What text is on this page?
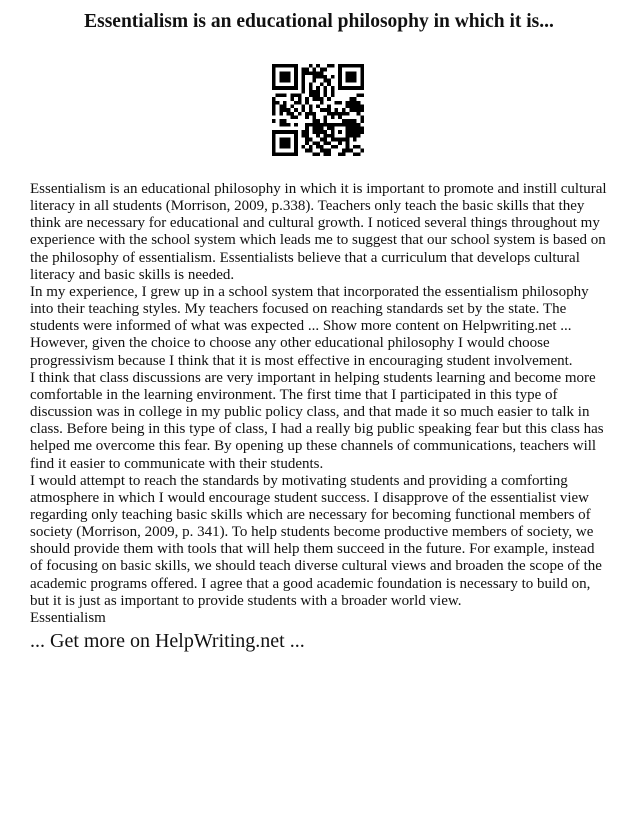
Essentialism is an educational philosophy in which it is...

Essentialism is an educational philosophy in which it is important to promote and instill cultural literacy in all students (Morrison, 2009, p.338). Teachers only teach the basic skills that they think are necessary for educational and cultural growth. I noticed several things throughout my experience with the school system which leads me to suggest that our school system is based on the philosophy of essentialism. Essentialists believe that a curriculum that develops cultural literacy and basic skills is needed.

In my experience, I grew up in a school system that incorporated the essentialism philosophy into their teaching styles. My teachers focused on reaching standards set by the state. The students were informed of what was expected ... Show more content on Helpwriting.net ...

However, given the choice to choose any other educational philosophy I would choose progressivism because I think that it is most effective in encouraging student involvement.

I think that class discussions are very important in helping students learning and become more comfortable in the learning environment. The first time that I participated in this type of discussion was in college in my public policy class, and that made it so much easier to talk in class. Before being in this type of class, I had a really big public speaking fear but this class has helped me overcome this fear. By opening up these channels of communications, teachers will find it easier to communicate with their students.

I would attempt to reach the standards by motivating students and providing a comforting atmosphere in which I would encourage student success. I disapprove of the essentialist view regarding only teaching basic skills which are necessary for becoming functional members of society (Morrison, 2009, p. 341). To help students become productive members of society, we should provide them with tools that will help them succeed in the future. For example, instead of focusing on basic skills, we should teach diverse cultural views and broaden the scope of the academic programs offered. I agree that a good academic foundation is necessary to build on, but it is just as important to provide students with a broader world view.

Essentialism

... Get more on HelpWriting.net ...
